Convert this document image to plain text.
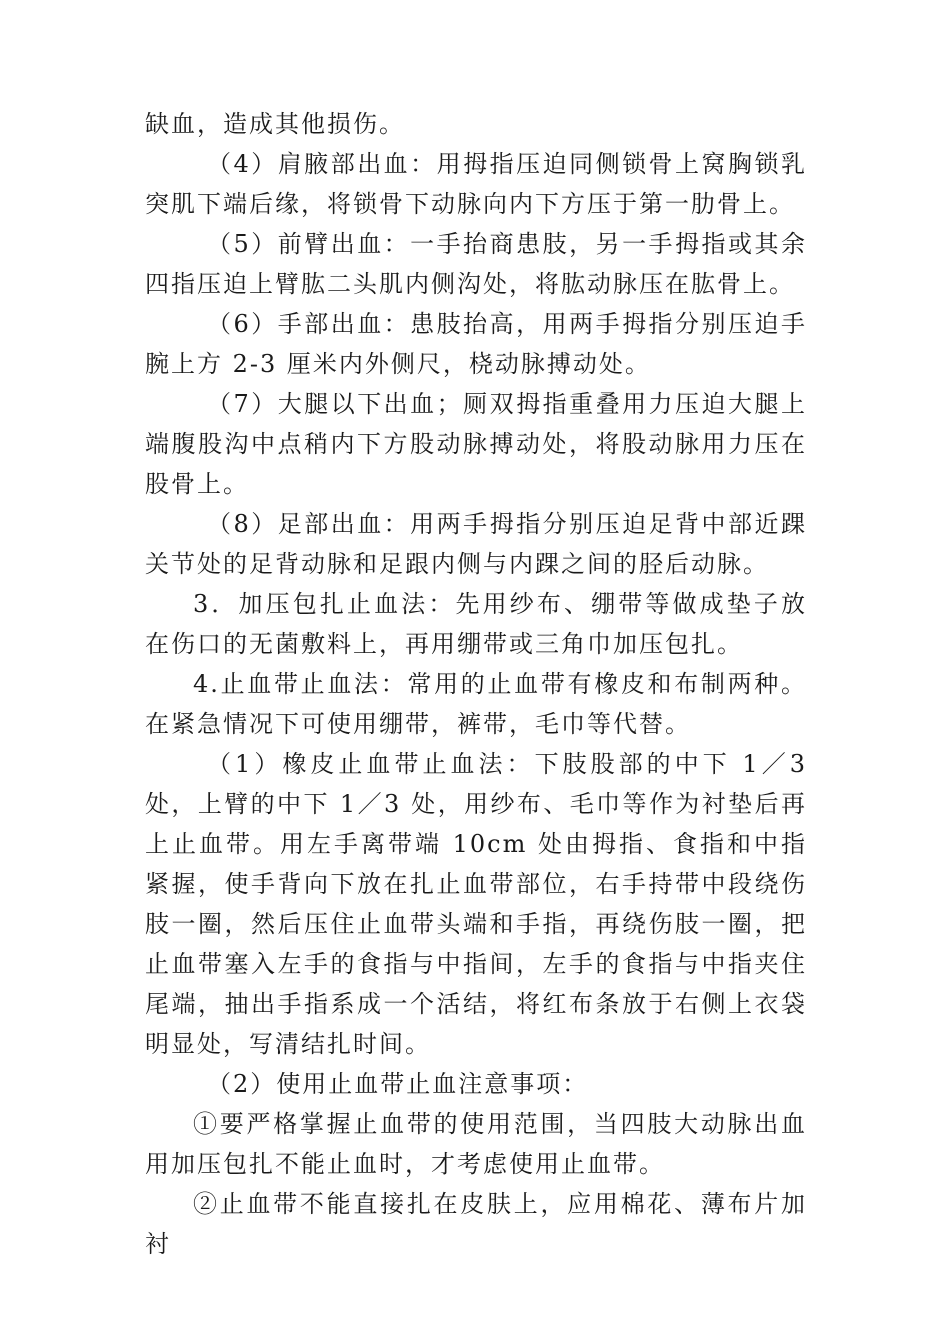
缺血，造成其他损伤。

（4）肩腋部出血：用拇指压迫同侧锁骨上窝胸锁乳突肌下端后缘，将锁骨下动脉向内下方压于第一肋骨上。

（5）前臂出血：一手抬商患肢，另一手拇指或其余四指压迫上臂肱二头肌内侧沟处，将肱动脉压在肱骨上。

（6）手部出血：患肢抬高，用两手拇指分别压迫手腕上方 2-3 厘米内外侧尺，桡动脉搏动处。

（7）大腿以下出血；厕双拇指重叠用力压迫大腿上端腹股沟中点稍内下方股动脉搏动处，将股动脉用力压在股骨上。

（8）足部出血：用两手拇指分别压迫足背中部近踝关节处的足背动脉和足跟内侧与内踝之间的胫后动脉。

3．加压包扎止血法：先用纱布、绷带等做成垫子放在伤口的无菌敷料上，再用绷带或三角巾加压包扎。

4.止血带止血法：常用的止血带有橡皮和布制两种。在紧急情况下可使用绷带，裤带，毛巾等代替。

（1）橡皮止血带止血法：下肢股部的中下 1／3 处，上臂的中下 1／3 处，用纱布、毛巾等作为衬垫后再上止血带。用左手离带端 10cm 处由拇指、食指和中指紧握，使手背向下放在扎止血带部位，右手持带中段绕伤肢一圈，然后压住止血带头端和手指，再绕伤肢一圈，把止血带塞入左手的食指与中指间，左手的食指与中指夹住尾端，抽出手指系成一个活结，将红布条放于右侧上衣袋明显处，写清结扎时间。

（2）使用止血带止血注意事项：

①要严格掌握止血带的使用范围，当四肢大动脉出血用加压包扎不能止血时，才考虑使用止血带。

②止血带不能直接扎在皮肤上，应用棉花、薄布片加衬
